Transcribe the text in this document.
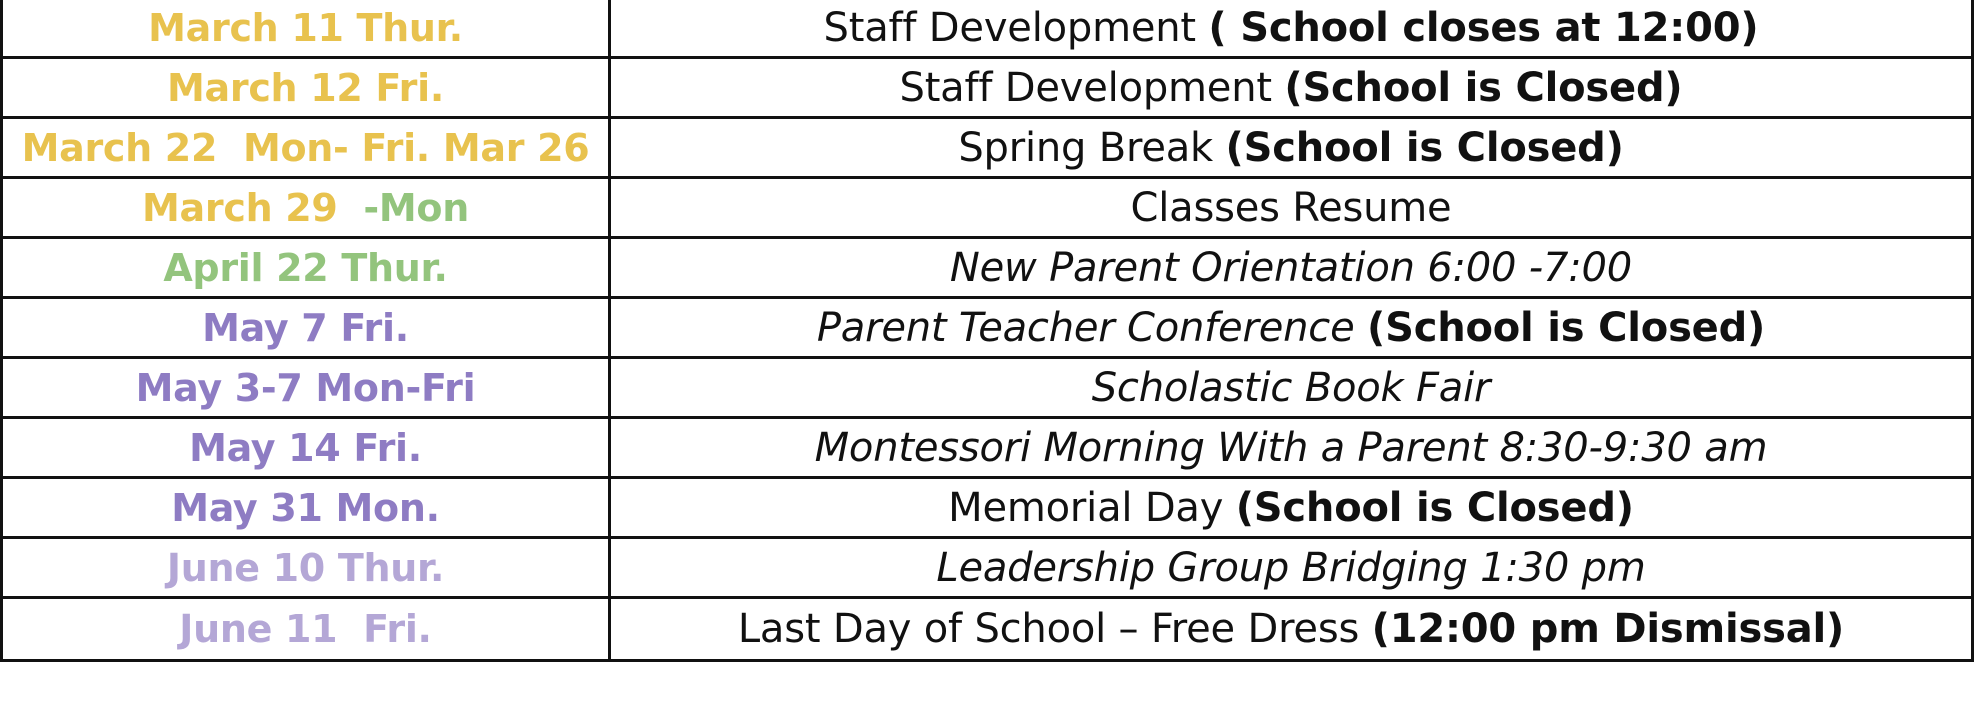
March 11 Thur.	Staff Development ( School closes at 12:00)
March 12 Fri.	Staff Development (School is Closed)
March 22  Mon- Fri. Mar 26	Spring Break (School is Closed)
March 29  -Mon	Classes Resume
April 22 Thur.	New Parent Orientation 6:00 -7:00
May 7 Fri.	Parent Teacher Conference (School is Closed)
May 3-7 Mon-Fri	Scholastic Book Fair
May 14 Fri.	Montessori Morning With a Parent 8:30-9:30 am
May 31 Mon.	Memorial Day (School is Closed)
June 10 Thur.	Leadership Group Bridging 1:30 pm
June 11  Fri.	Last Day of School – Free Dress (12:00 pm Dismissal)
